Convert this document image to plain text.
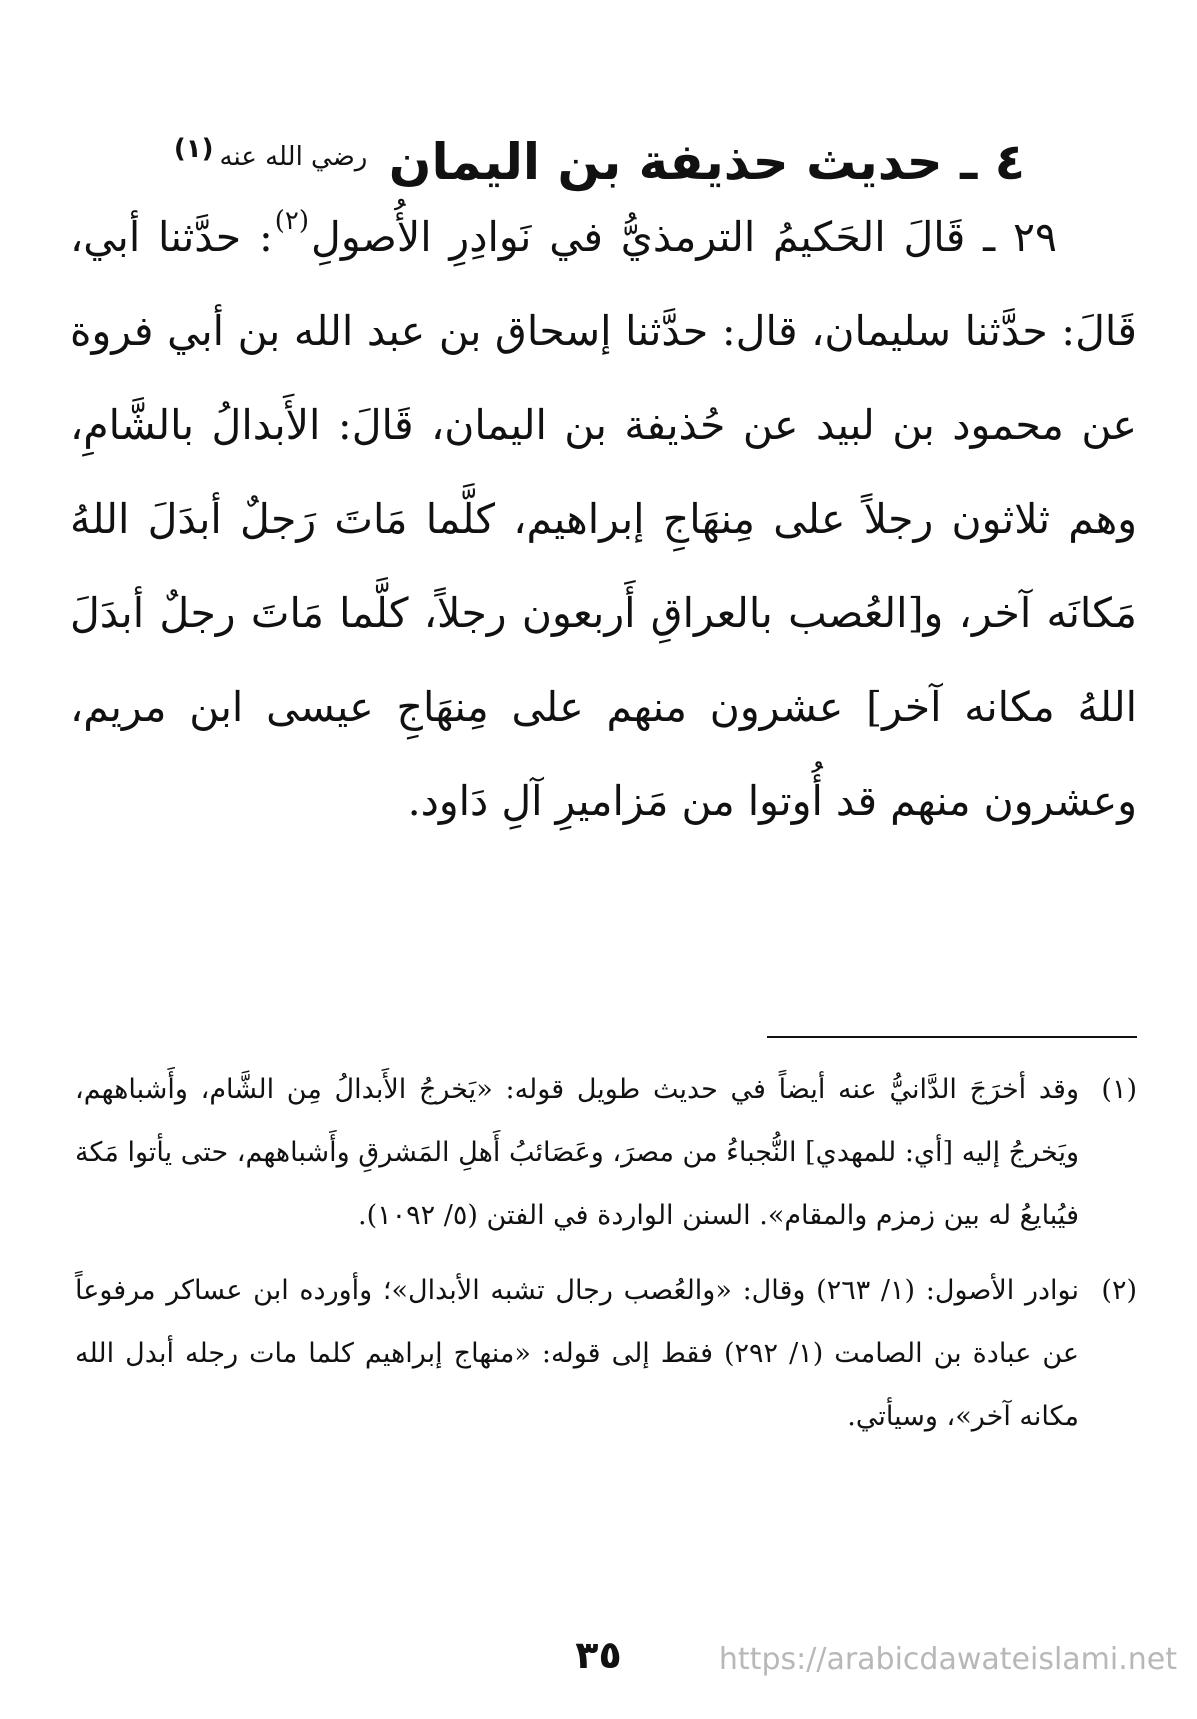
٤ ـ حديث حذيفة بن اليمان $^{رضي الله عنه(١)}$
٢٩ ـ قَالَ الحَكيمُ الترمذيُّ في نَوادِرِ الأُصولِ$^{(٢)}$: حدَّثنا أبي، قَالَ: حدَّثنا سليمان، قال: حدَّثنا إسحاق بن عبد الله بن أبي فروة عن محمود بن لبيد عن حُذيفة بن اليمان، قَالَ: الأَبدالُ بالشَّامِ، وهم ثلاثون رجلاً على مِنهَاجِ إبراهيم، كلَّما مَاتَ رَجلٌ أبدَلَ اللهُ مَكانَه آخر، و[العُصب بالعراقِ أَربعون رجلاً، كلَّما مَاتَ رجلٌ أبدَلَ اللهُ مكانه آخر] عشرون منهم على مِنهَاجِ عيسى ابن مريم، وعشرون منهم قد أُوتوا من مَزاميرِ آلِ دَاود.
(١)
وقد أخرَجَ الدَّانيُّ عنه أيضاً في حديث طويل قوله: «يَخرجُ الأَبدالُ مِن الشَّام، وأَشباههم، ويَخرجُ إليه [أي: للمهدي] النُّجباءُ من مصرَ، وعَصَائبُ أَهلِ المَشرقِ وأَشباههم، حتى يأتوا مَكة فيُبايعُ له بين زمزم والمقام». السنن الواردة في الفتن (٥/ ١٠٩٢).
(٢)
نوادر الأصول: (١/ ٢٦٣) وقال: «والعُصب رجال تشبه الأبدال»؛ وأورده ابن عساكر مرفوعاً عن عبادة بن الصامت (١/ ٢٩٢) فقط إلى قوله: «منهاج إبراهيم كلما مات رجله أبدل الله مكانه آخر»، وسيأتي.
٣٥	https://arabicdawateislami.net
